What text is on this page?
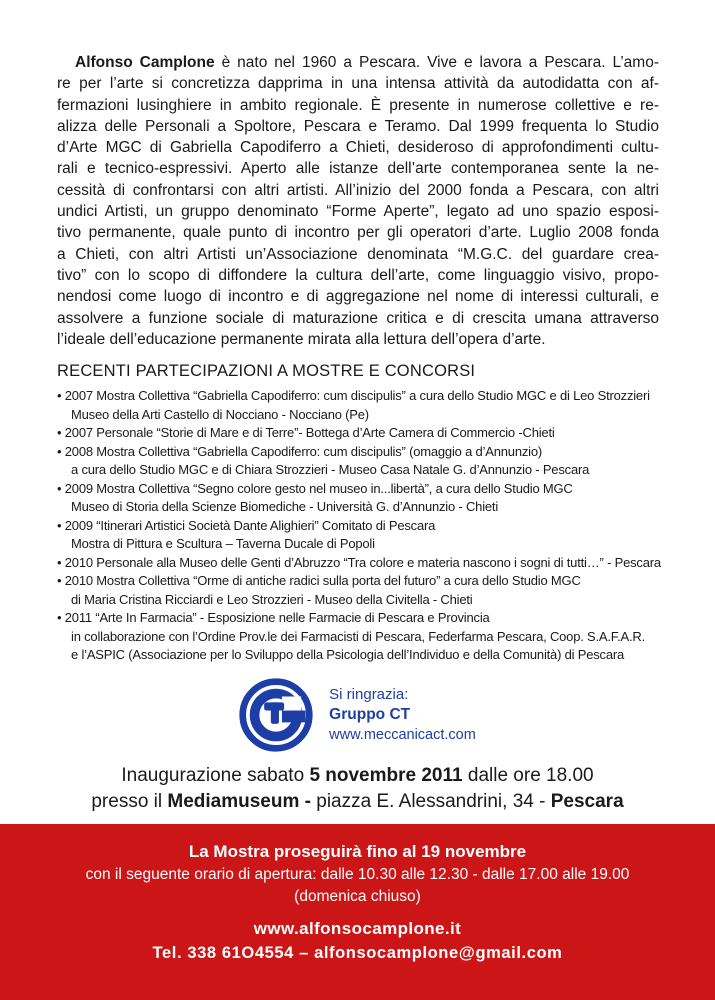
Alfonso Camplone è nato nel 1960 a Pescara. Vive e lavora a Pescara. L’amo-
re per l’arte si concretizza dapprima in una intensa attività da autodidatta con af-
fermazioni lusinghiere in ambito regionale. È presente in numerose collettive e re-
alizza delle Personali a Spoltore, Pescara e Teramo. Dal 1999 frequenta lo Studio
d’Arte MGC di Gabriella Capodiferro a Chieti, desideroso di approfondimenti cultu-
rali e tecnico-espressivi. Aperto alle istanze dell’arte contemporanea sente la ne-
cessità di confrontarsi con altri artisti. All’inizio del 2000 fonda a Pescara, con altri
undici Artisti, un gruppo denominato “Forme Aperte”, legato ad uno spazio esposi-
tivo permanente, quale punto di incontro per gli operatori d’arte. Luglio 2008 fonda
a Chieti, con altri Artisti un’Associazione denominata “M.G.C. del guardare crea-
tivo” con lo scopo di diffondere la cultura dell’arte, come linguaggio visivo, propo-
nendosi come luogo di incontro e di aggregazione nel nome di interessi culturali, e
assolvere a funzione sociale di maturazione critica e di crescita umana attraverso
l’ideale dell’educazione permanente mirata alla lettura dell’opera d’arte.
RECENTI PARTECIPAZIONI A MOSTRE E CONCORSI
• 2007 Mostra Collettiva “Gabriella Capodiferro: cum discipulis” a cura dello Studio MGC e di Leo Strozzieri
Museo della Arti Castello di Nocciano - Nocciano (Pe)
• 2007 Personale “Storie di Mare e di Terre”- Bottega d’Arte Camera di Commercio -Chieti
• 2008 Mostra Collettiva “Gabriella Capodiferro: cum discipulis” (omaggio a d’Annunzio)
a cura dello Studio MGC e di Chiara Strozzieri - Museo Casa Natale G. d’Annunzio - Pescara
• 2009 Mostra Collettiva “Segno colore gesto nel museo in...libertà”, a cura dello Studio MGC
Museo di Storia della Scienze Biomediche - Università G. d’Annunzio - Chieti
• 2009 “Itinerari Artistici Società Dante Alighieri” Comitato di Pescara
Mostra di Pittura e Scultura – Taverna Ducale di Popoli
• 2010 Personale alla Museo delle Genti d’Abruzzo “Tra colore e materia nascono i sogni di tutti…” - Pescara
• 2010 Mostra Collettiva “Orme di antiche radici sulla porta del futuro” a cura dello Studio MGC
di Maria Cristina Ricciardi e Leo Strozzieri - Museo della Civitella - Chieti
• 2011 “Arte In Farmacia” - Esposizione nelle Farmacie di Pescara e Provincia
in collaborazione con l’Ordine Prov.le dei Farmacisti di Pescara, Federfarma Pescara, Coop. S.A.F.A.R.
e l’ASPIC (Associazione per lo Sviluppo della Psicologia dell’Individuo e della Comunità) di Pescara
Si ringrazia:
Gruppo CT
www.meccanicact.com
Inaugurazione sabato 5 novembre 2011 dalle ore 18.00
presso il Mediamuseum - piazza E. Alessandrini, 34 - Pescara
La Mostra proseguirà fino al 19 novembre
con il seguente orario di apertura: dalle 10.30 alle 12.30 - dalle 17.00 alle 19.00
(domenica chiuso)
www.alfonsocamplone.it
Tel. 338 61O4554 – alfonsocamplone@gmail.com
